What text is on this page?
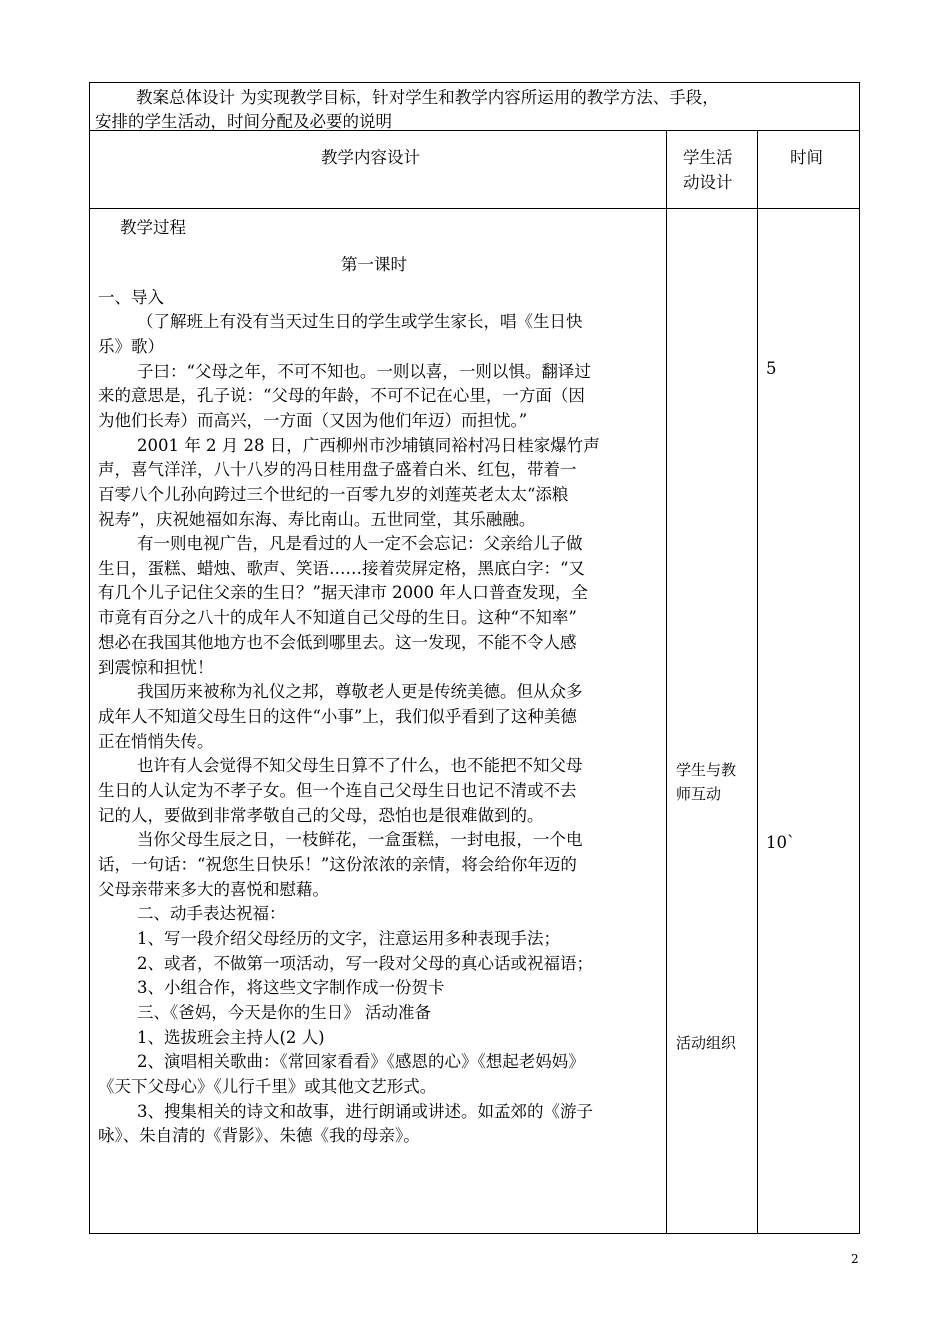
教案总体设计 为实现教学目标，针对学生和教学内容所运用的教学方法、手段，
安排的学生活动，时间分配及必要的说明
教学内容设计	学生活
动设计
时间
教学过程
第一课时
一、导入
（了解班上有没有当天过生日的学生或学生家长，唱《生日快
乐》歌）
子曰：“父母之年，不可不知也。一则以喜，一则以惧。翻译过
来的意思是，孔子说：“父母的年龄，不可不记在心里，一方面（因
为他们长寿）而高兴，一方面（又因为他们年迈）而担忧。”
2001 年 2 月 28 日，广西柳州市沙埔镇同裕村冯日桂家爆竹声
声，喜气洋洋，八十八岁的冯日桂用盘子盛着白米、红包，带着一
百零八个儿孙向跨过三个世纪的一百零九岁的刘莲英老太太“添粮
祝寿”，庆祝她福如东海、寿比南山。五世同堂，其乐融融。
有一则电视广告，凡是看过的人一定不会忘记：父亲给儿子做
生日，蛋糕、蜡烛、歌声、笑语……接着荧屏定格，黑底白字：“又
有几个儿子记住父亲的生日？”据天津市 2000 年人口普查发现，全
市竟有百分之八十的成年人不知道自己父母的生日。这种“不知率”
想必在我国其他地方也不会低到哪里去。这一发现，不能不令人感
到震惊和担忧！
我国历来被称为礼仪之邦，尊敬老人更是传统美德。但从众多
成年人不知道父母生日的这件“小事”上，我们似乎看到了这种美德
正在悄悄失传。
也许有人会觉得不知父母生日算不了什么，也不能把不知父母
生日的人认定为不孝子女。但一个连自己父母生日也记不清或不去
记的人，要做到非常孝敬自己的父母，恐怕也是很难做到的。
当你父母生辰之日，一枝鲜花，一盒蛋糕，一封电报，一个电
话，一句话：“祝您生日快乐！”这份浓浓的亲情，将会给你年迈的
父母亲带来多大的喜悦和慰藉。
二、动手表达祝福：
1、写一段介绍父母经历的文字，注意运用多种表现手法；
2、或者，不做第一项活动，写一段对父母的真心话或祝福语；
3、小组合作，将这些文字制作成一份贺卡
三、《爸妈，今天是你的生日》 活动准备
1、选拔班会主持人(2 人)
2、演唱相关歌曲：《常回家看看》《感恩的心》《想起老妈妈》
《天下父母心》《儿行千里》或其他文艺形式。
3、搜集相关的诗文和故事，进行朗诵或讲述。如孟郊的《游子
咏》、朱自清的《背影》、朱德《我的母亲》。
学生与教
师互动
活动组织
5
10`
2
